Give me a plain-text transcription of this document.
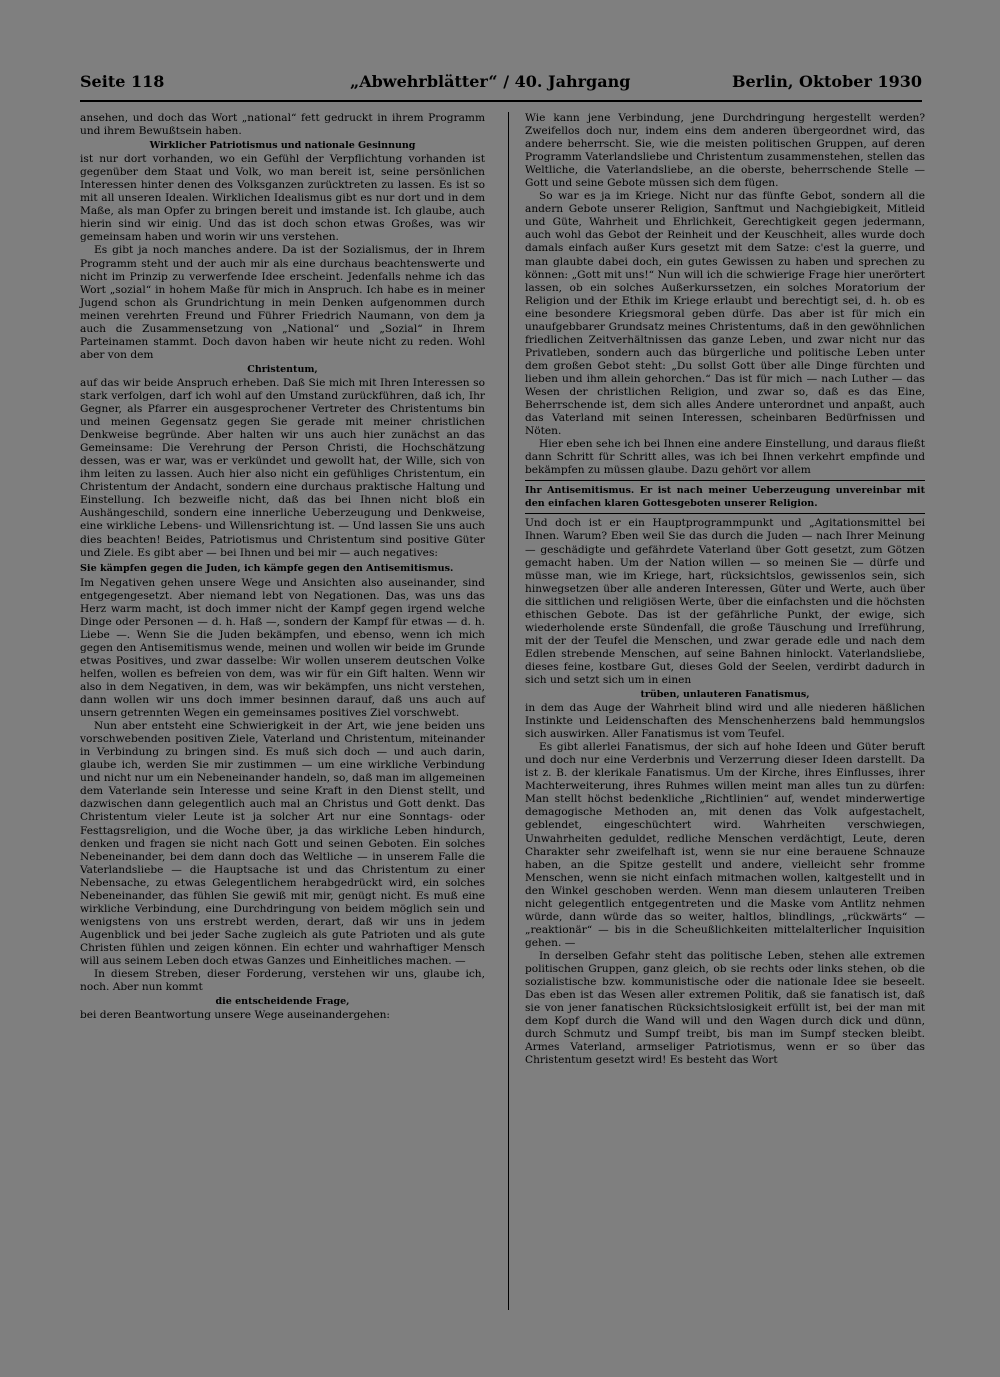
Seite 118	„Abwehrblätter“ / 40. Jahrgang	Berlin, Oktober 1930

ansehen, und doch das Wort „national“ fett gedruckt in ihrem Programm und ihrem Bewußtsein haben.

Wirklicher Patriotismus und nationale Gesinnung

ist nur dort vorhanden, wo ein Gefühl der Verpflichtung vorhanden ist gegenüber dem Staat und Volk, wo man bereit ist, seine persönlichen Interessen hinter denen des Volksganzen zurücktreten zu lassen. Es ist so mit all unseren Idealen. Wirklichen Idealismus gibt es nur dort und in dem Maße, als man Opfer zu bringen bereit und imstande ist. Ich glaube, auch hierin sind wir einig. Und das ist doch schon etwas Großes, was wir gemeinsam haben und worin wir uns verstehen.

Es gibt ja noch manches andere. Da ist der Sozialismus, der in Ihrem Programm steht und der auch mir als eine durchaus beachtenswerte und nicht im Prinzip zu verwerfende Idee erscheint. Jedenfalls nehme ich das Wort „sozial“ in hohem Maße für mich in Anspruch. Ich habe es in meiner Jugend schon als Grundrichtung in mein Denken aufgenommen durch meinen verehrten Freund und Führer Friedrich Naumann, von dem ja auch die Zusammensetzung von „National“ und „Sozial“ in Ihrem Parteinamen stammt. Doch davon haben wir heute nicht zu reden. Wohl aber von dem

Christentum,

auf das wir beide Anspruch erheben. Daß Sie mich mit Ihren Interessen so stark verfolgen, darf ich wohl auf den Umstand zurückführen, daß ich, Ihr Gegner, als Pfarrer ein ausgesprochener Vertreter des Christentums bin und meinen Gegensatz gegen Sie gerade mit meiner christlichen Denkweise begründe. Aber halten wir uns auch hier zunächst an das Gemeinsame: Die Verehrung der Person Christi, die Hochschätzung dessen, was er war, was er verkündet und gewollt hat, der Wille, sich von ihm leiten zu lassen. Auch hier also nicht ein gefühliges Christentum, ein Christentum der Andacht, sondern eine durchaus praktische Haltung und Einstellung. Ich bezweifle nicht, daß das bei Ihnen nicht bloß ein Aushängeschild, sondern eine innerliche Ueberzeugung und Denkweise, eine wirkliche Lebens- und Willensrichtung ist. — Und lassen Sie uns auch dies beachten! Beides, Patriotismus und Christentum sind positive Güter und Ziele. Es gibt aber — bei Ihnen und bei mir — auch negatives:

Sie kämpfen gegen die Juden, ich kämpfe gegen den Antisemitismus.

Im Negativen gehen unsere Wege und Ansichten also auseinander, sind entgegengesetzt. Aber niemand lebt von Negationen. Das, was uns das Herz warm macht, ist doch immer nicht der Kampf gegen irgend welche Dinge oder Personen — d. h. Haß —, sondern der Kampf für etwas — d. h. Liebe —. Wenn Sie die Juden bekämpfen, und ebenso, wenn ich mich gegen den Antisemitismus wende, meinen und wollen wir beide im Grunde etwas Positives, und zwar dasselbe: Wir wollen unserem deutschen Volke helfen, wollen es befreien von dem, was wir für ein Gift halten. Wenn wir also in dem Negativen, in dem, was wir bekämpfen, uns nicht verstehen, dann wollen wir uns doch immer besinnen darauf, daß uns auch auf unsern getrennten Wegen ein gemeinsames positives Ziel vorschwebt.

Nun aber entsteht eine Schwierigkeit in der Art, wie jene beiden uns vorschwebenden positiven Ziele, Vaterland und Christentum, miteinander in Verbindung zu bringen sind. Es muß sich doch — und auch darin, glaube ich, werden Sie mir zustimmen — um eine wirkliche Verbindung und nicht nur um ein Nebeneinander handeln, so, daß man im allgemeinen dem Vaterlande sein Interesse und seine Kraft in den Dienst stellt, und dazwischen dann gelegentlich auch mal an Christus und Gott denkt. Das Christentum vieler Leute ist ja solcher Art nur eine Sonntags- oder Festtagsreligion, und die Woche über, ja das wirkliche Leben hindurch, denken und fragen sie nicht nach Gott und seinen Geboten. Ein solches Nebeneinander, bei dem dann doch das Weltliche — in unserem Falle die Vaterlandsliebe — die Hauptsache ist und das Christentum zu einer Nebensache, zu etwas Gelegentlichem herabgedrückt wird, ein solches Nebeneinander, das fühlen Sie gewiß mit mir, genügt nicht. Es muß eine wirkliche Verbindung, eine Durchdringung von beidem möglich sein und wenigstens von uns erstrebt werden, derart, daß wir uns in jedem Augenblick und bei jeder Sache zugleich als gute Patrioten und als gute Christen fühlen und zeigen können. Ein echter und wahrhaftiger Mensch will aus seinem Leben doch etwas Ganzes und Einheitliches machen. —

In diesem Streben, dieser Forderung, verstehen wir uns, glaube ich, noch. Aber nun kommt

die entscheidende Frage,

bei deren Beantwortung unsere Wege auseinandergehen:

Wie kann jene Verbindung, jene Durchdringung hergestellt werden? Zweifellos doch nur, indem eins dem anderen übergeordnet wird, das andere beherrscht. Sie, wie die meisten politischen Gruppen, auf deren Programm Vaterlandsliebe und Christentum zusammenstehen, stellen das Weltliche, die Vaterlandsliebe, an die oberste, beherrschende Stelle — Gott und seine Gebote müssen sich dem fügen.

So war es ja im Kriege. Nicht nur das fünfte Gebot, sondern all die andern Gebote unserer Religion, Sanftmut und Nachgiebigkeit, Mitleid und Güte, Wahrheit und Ehrlichkeit, Gerechtigkeit gegen jedermann, auch wohl das Gebot der Reinheit und der Keuschheit, alles wurde doch damals einfach außer Kurs gesetzt mit dem Satze: c'est la guerre, und man glaubte dabei doch, ein gutes Gewissen zu haben und sprechen zu können: „Gott mit uns!“ Nun will ich die schwierige Frage hier unerörtert lassen, ob ein solches Außerkurssetzen, ein solches Moratorium der Religion und der Ethik im Kriege erlaubt und berechtigt sei, d. h. ob es eine besondere Kriegsmoral geben dürfe. Das aber ist für mich ein unaufgebbarer Grundsatz meines Christentums, daß in den gewöhnlichen friedlichen Zeitverhältnissen das ganze Leben, und zwar nicht nur das Privatleben, sondern auch das bürgerliche und politische Leben unter dem großen Gebot steht: „Du sollst Gott über alle Dinge fürchten und lieben und ihm allein gehorchen.“ Das ist für mich — nach Luther — das Wesen der christlichen Religion, und zwar so, daß es das Eine, Beherrschende ist, dem sich alles Andere unterordnet und anpaßt, auch das Vaterland mit seinen Interessen, scheinbaren Bedürfnissen und Nöten.

Hier eben sehe ich bei Ihnen eine andere Einstellung, und daraus fließt dann Schritt für Schritt alles, was ich bei Ihnen verkehrt empfinde und bekämpfen zu müssen glaube. Dazu gehört vor allem

Ihr Antisemitismus. Er ist nach meiner Ueberzeugung unvereinbar mit den einfachen klaren Gottesgeboten unserer Religion.

Und doch ist er ein Hauptprogrammpunkt und „Agitationsmittel bei Ihnen. Warum? Eben weil Sie das durch die Juden — nach Ihrer Meinung — geschädigte und gefährdete Vaterland über Gott gesetzt, zum Götzen gemacht haben. Um der Nation willen — so meinen Sie — dürfe und müsse man, wie im Kriege, hart, rücksichtslos, gewissenlos sein, sich hinwegsetzen über alle anderen Interessen, Güter und Werte, auch über die sittlichen und religiösen Werte, über die einfachsten und die höchsten ethischen Gebote. Das ist der gefährliche Punkt, der ewige, sich wiederholende erste Sündenfall, die große Täuschung und Irreführung, mit der der Teufel die Menschen, und zwar gerade edle und nach dem Edlen strebende Menschen, auf seine Bahnen hinlockt. Vaterlandsliebe, dieses feine, kostbare Gut, dieses Gold der Seelen, verdirbt dadurch in sich und setzt sich um in einen

trüben, unlauteren Fanatismus,

in dem das Auge der Wahrheit blind wird und alle niederen häßlichen Instinkte und Leidenschaften des Menschenherzens bald hemmungslos sich auswirken. Aller Fanatismus ist vom Teufel.

Es gibt allerlei Fanatismus, der sich auf hohe Ideen und Güter beruft und doch nur eine Verderbnis und Verzerrung dieser Ideen darstellt. Da ist z. B. der klerikale Fanatismus. Um der Kirche, ihres Einflusses, ihrer Machterweiterung, ihres Ruhmes willen meint man alles tun zu dürfen: Man stellt höchst bedenkliche „Richtlinien“ auf, wendet minderwertige demagogische Methoden an, mit denen das Volk aufgestachelt, geblendet, eingeschüchtert wird. Wahrheiten verschwiegen, Unwahrheiten geduldet, redliche Menschen verdächtigt, Leute, deren Charakter sehr zweifelhaft ist, wenn sie nur eine berauene Schnauze haben, an die Spitze gestellt und andere, vielleicht sehr fromme Menschen, wenn sie nicht einfach mitmachen wollen, kaltgestellt und in den Winkel geschoben werden. Wenn man diesem unlauteren Treiben nicht gelegentlich entgegentreten und die Maske vom Antlitz nehmen würde, dann würde das so weiter, haltlos, blindlings, „rückwärts“ — „reaktionär“ — bis in die Scheußlichkeiten mittelalterlicher Inquisition gehen. —

In derselben Gefahr steht das politische Leben, stehen alle extremen politischen Gruppen, ganz gleich, ob sie rechts oder links stehen, ob die sozialistische bzw. kommunistische oder die nationale Idee sie beseelt. Das eben ist das Wesen aller extremen Politik, daß sie fanatisch ist, daß sie von jener fanatischen Rücksichtslosigkeit erfüllt ist, bei der man mit dem Kopf durch die Wand will und den Wagen durch dick und dünn, durch Schmutz und Sumpf treibt, bis man im Sumpf stecken bleibt. Armes Vaterland, armseliger Patriotismus, wenn er so über das Christentum gesetzt wird! Es besteht das Wort
